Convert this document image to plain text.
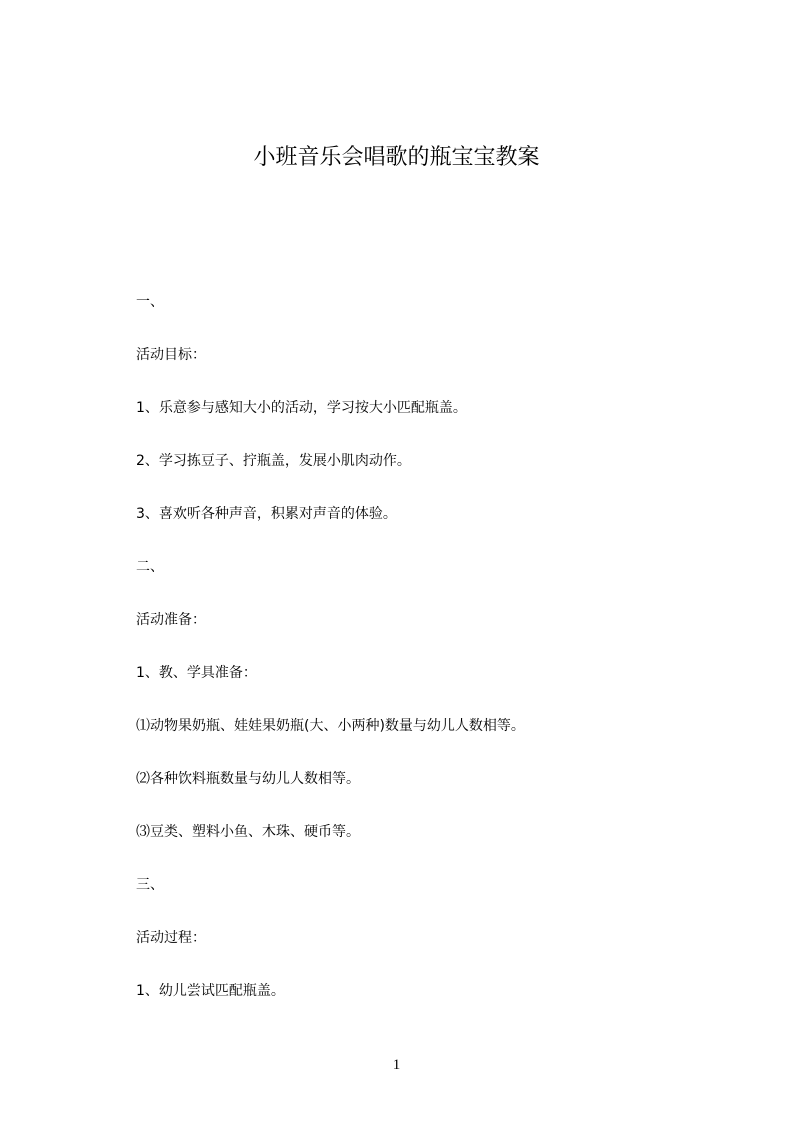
小班音乐会唱歌的瓶宝宝教案
一、
活动目标：
1、乐意参与感知大小的活动，学习按大小匹配瓶盖。
2、学习拣豆子、拧瓶盖，发展小肌肉动作。
3、喜欢听各种声音，积累对声音的体验。
二、
活动准备：
1、教、学具准备：
⑴动物果奶瓶、娃娃果奶瓶(大、小两种)数量与幼儿人数相等。
⑵各种饮料瓶数量与幼儿人数相等。
⑶豆类、塑料小鱼、木珠、硬币等。
三、
活动过程：
1、幼儿尝试匹配瓶盖。
1
